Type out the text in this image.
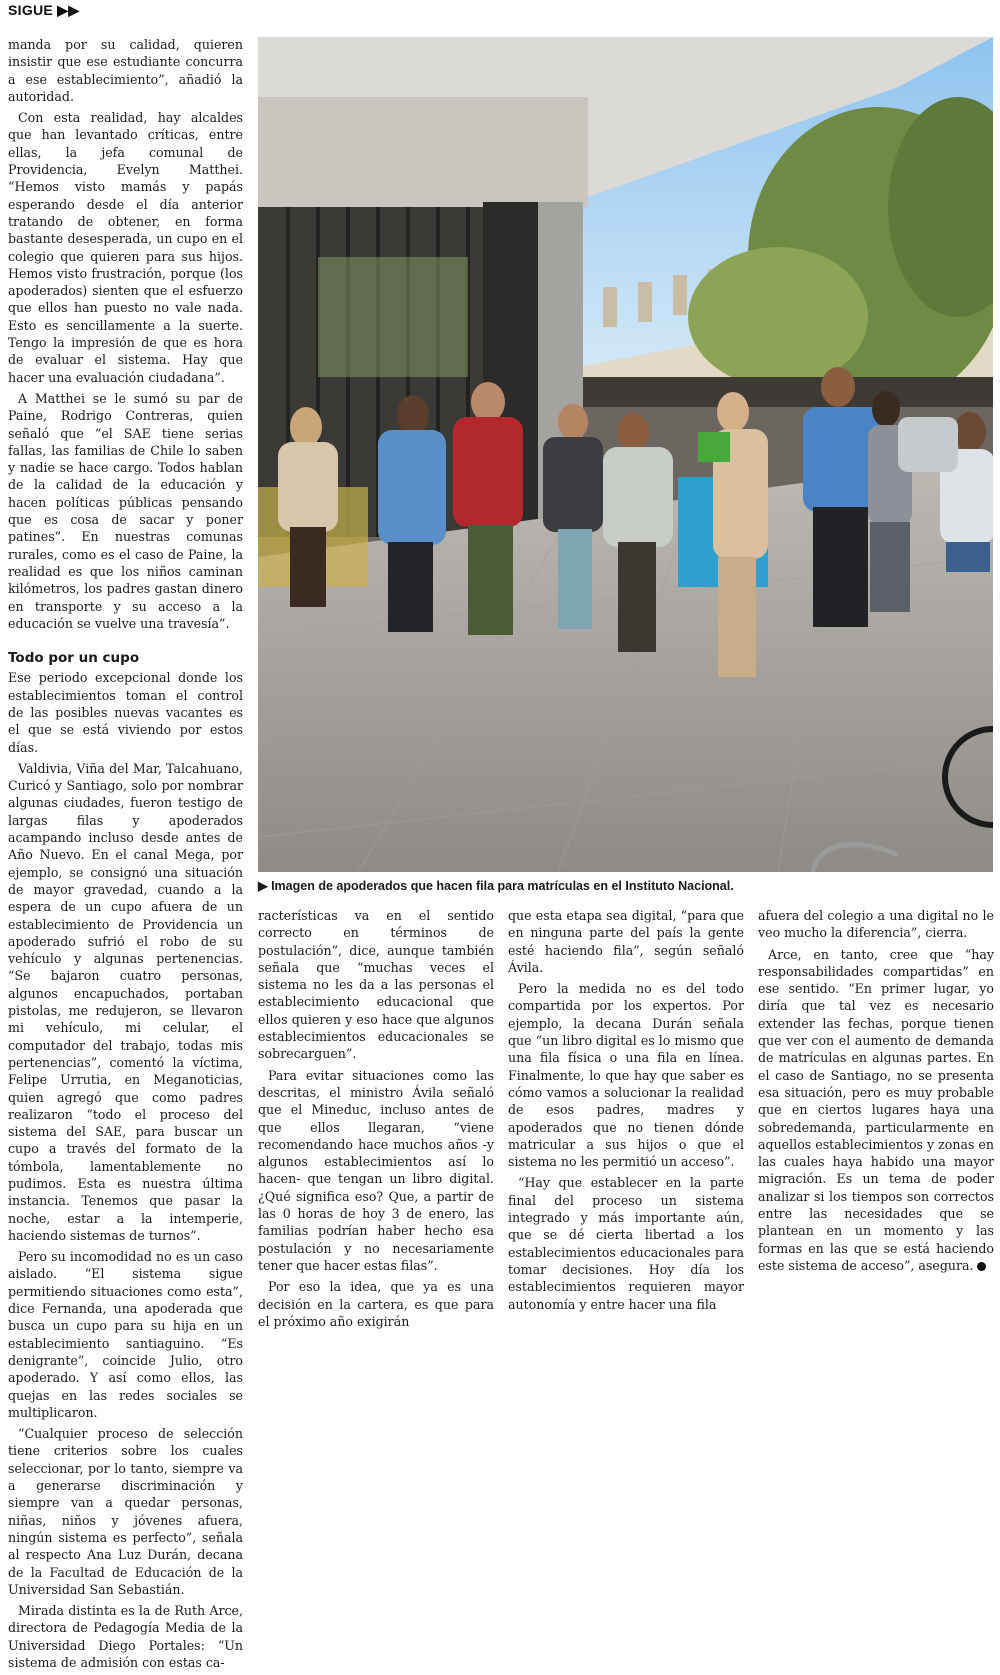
SIGUE ▶▶

manda por su calidad, quieren insistir que ese estudiante concurra a ese establecimiento”, añadió la autoridad.

Con esta realidad, hay alcaldes que han levantado críticas, entre ellas, la jefa comunal de Providencia, Evelyn Matthei. “Hemos visto mamás y papás esperando desde el día anterior tratando de obtener, en forma bastante desesperada, un cupo en el colegio que quieren para sus hijos. Hemos visto frustración, porque (los apoderados) sienten que el esfuerzo que ellos han puesto no vale nada. Esto es sencillamente a la suerte. Tengo la impresión de que es hora de evaluar el sistema. Hay que hacer una evaluación ciudadana”.

A Matthei se le sumó su par de Paine, Rodrigo Contreras, quien señaló que “el SAE tiene serias fallas, las familias de Chile lo saben y nadie se hace cargo. Todos hablan de la calidad de la educación y hacen políticas públicas pensando que es cosa de sacar y poner patines”. En nuestras comunas rurales, como es el caso de Paine, la realidad es que los niños caminan kilómetros, los padres gastan dinero en transporte y su acceso a la educación se vuelve una travesía”.

Todo por un cupo

Ese periodo excepcional donde los establecimientos toman el control de las posibles nuevas vacantes es el que se está viviendo por estos días.

Valdivia, Viña del Mar, Talcahuano, Curicó y Santiago, solo por nombrar algunas ciudades, fueron testigo de largas filas y apoderados acampando incluso desde antes de Año Nuevo. En el canal Mega, por ejemplo, se consignó una situación de mayor gravedad, cuando a la espera de un cupo afuera de un establecimiento de Providencia un apoderado sufrió el robo de su vehículo y algunas pertenencias. “Se bajaron cuatro personas, algunos encapuchados, portaban pistolas, me redujeron, se llevaron mi vehículo, mi celular, el computador del trabajo, todas mis pertenencias”, comentó la víctima, Felipe Urrutia, en Meganoticias, quien agregó que como padres realizaron “todo el proceso del sistema del SAE, para buscar un cupo a través del formato de la tómbola, lamentablemente no pudimos. Esta es nuestra última instancia. Tenemos que pasar la noche, estar a la intemperie, haciendo sistemas de turnos”.

Pero su incomodidad no es un caso aislado. “El sistema sigue permitiendo situaciones como esta”, dice Fernanda, una apoderada que busca un cupo para su hija en un establecimiento santiaguino. “Es denigrante”, coincide Julio, otro apoderado. Y así como ellos, las quejas en las redes sociales se multiplicaron.

“Cualquier proceso de selección tiene criterios sobre los cuales seleccionar, por lo tanto, siempre va a generarse discriminación y siempre van a quedar personas, niñas, niños y jóvenes afuera, ningún sistema es perfecto”, señala al respecto Ana Luz Durán, decana de la Facultad de Educación de la Universidad San Sebastián.

Mirada distinta es la de Ruth Arce, directora de Pedagogía Media de la Universidad Diego Portales: “Un sistema de admisión con estas ca-

▶ Imagen de apoderados que hacen fila para matrículas en el Instituto Nacional.

racterísticas va en el sentido correcto en términos de postulación”, dice, aunque también señala que “muchas veces el sistema no les da a las personas el establecimiento educacional que ellos quieren y eso hace que algunos establecimientos educacionales se sobrecarguen”.

Para evitar situaciones como las descritas, el ministro Ávila señaló que el Mineduc, incluso antes de que ellos llegaran, “viene recomendando hace muchos años -y algunos establecimientos así lo hacen- que tengan un libro digital. ¿Qué significa eso? Que, a partir de las 0 horas de hoy 3 de enero, las familias podrían haber hecho esa postulación y no necesariamente tener que hacer estas filas”.

Por eso la idea, que ya es una decisión en la cartera, es que para el próximo año exigirán

que esta etapa sea digital, “para que en ninguna parte del país la gente esté haciendo fila”, según señaló Ávila.

Pero la medida no es del todo compartida por los expertos. Por ejemplo, la decana Durán señala que “un libro digital es lo mismo que una fila física o una fila en línea. Finalmente, lo que hay que saber es cómo vamos a solucionar la realidad de esos padres, madres y apoderados que no tienen dónde matricular a sus hijos o que el sistema no les permitió un acceso”.

“Hay que establecer en la parte final del proceso un sistema integrado y más importante aún, que se dé cierta libertad a los establecimientos educacionales para tomar decisiones. Hoy día los establecimientos requieren mayor autonomía y entre hacer una fila

afuera del colegio a una digital no le veo mucho la diferencia”, cierra.

Arce, en tanto, cree que “hay responsabilidades compartidas” en ese sentido. “En primer lugar, yo diría que tal vez es necesario extender las fechas, porque tienen que ver con el aumento de demanda de matrículas en algunas partes. En el caso de Santiago, no se presenta esa situación, pero es muy probable que en ciertos lugares haya una sobredemanda, particularmente en aquellos establecimientos y zonas en las cuales haya habido una mayor migración. Es un tema de poder analizar si los tiempos son correctos entre las necesidades que se plantean en un momento y las formas en las que se está haciendo este sistema de acceso”, asegura.
